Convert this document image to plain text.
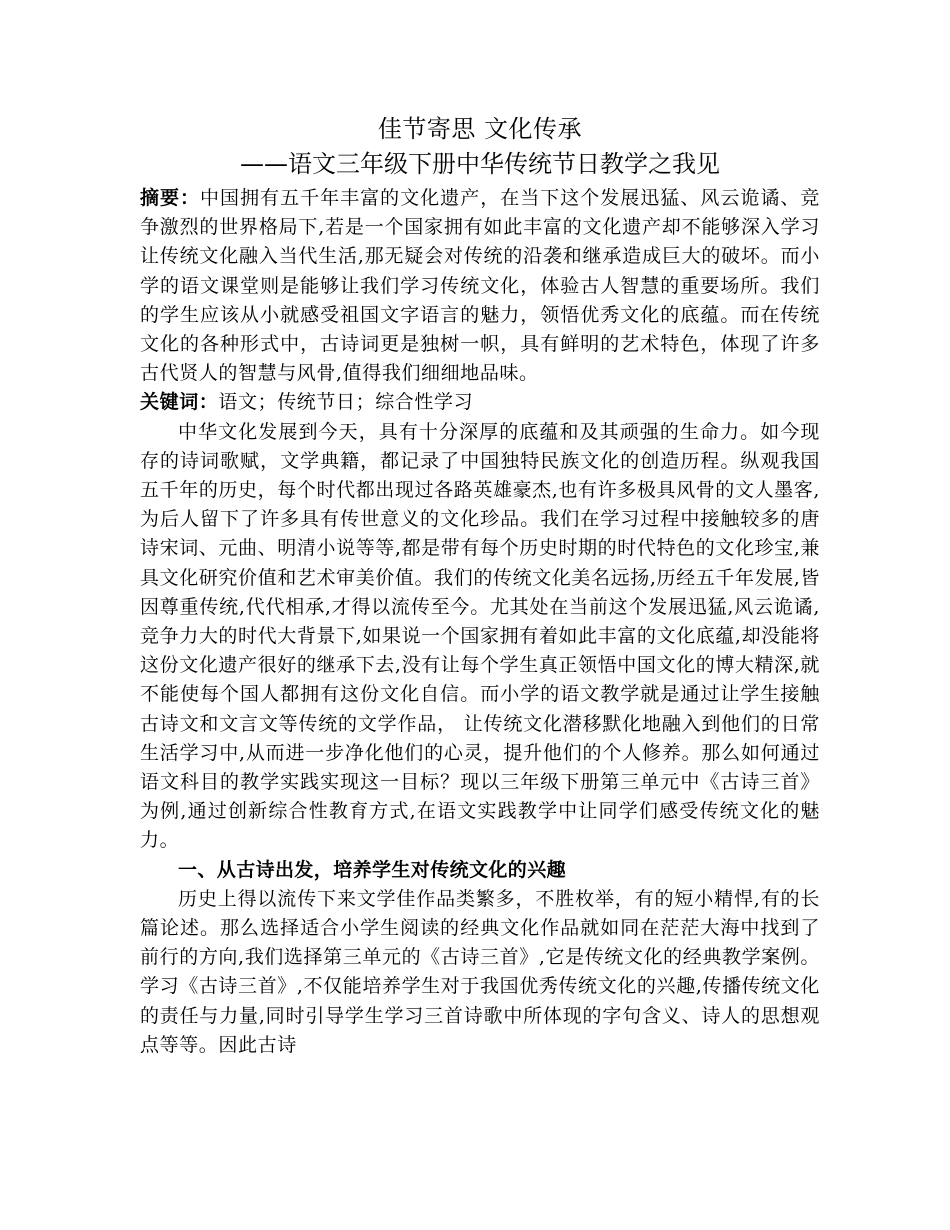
佳节寄思 文化传承
——语文三年级下册中华传统节日教学之我见

摘要：中国拥有五千年丰富的文化遗产，在当下这个发展迅猛、风云诡谲、竞争激烈的世界格局下,若是一个国家拥有如此丰富的文化遗产却不能够深入学习让传统文化融入当代生活,那无疑会对传统的沿袭和继承造成巨大的破坏。而小学的语文课堂则是能够让我们学习传统文化，体验古人智慧的重要场所。我们的学生应该从小就感受祖国文字语言的魅力，领悟优秀文化的底蕴。而在传统文化的各种形式中，古诗词更是独树一帜，具有鲜明的艺术特色，体现了许多古代贤人的智慧与风骨,值得我们细细地品味。

关键词：语文；传统节日；综合性学习

中华文化发展到今天，具有十分深厚的底蕴和及其顽强的生命力。如今现存的诗词歌赋，文学典籍，都记录了中国独特民族文化的创造历程。纵观我国五千年的历史，每个时代都出现过各路英雄豪杰,也有许多极具风骨的文人墨客,为后人留下了许多具有传世意义的文化珍品。我们在学习过程中接触较多的唐诗宋词、元曲、明清小说等等,都是带有每个历史时期的时代特色的文化珍宝,兼具文化研究价值和艺术审美价值。我们的传统文化美名远扬,历经五千年发展,皆因尊重传统,代代相承,才得以流传至今。尤其处在当前这个发展迅猛,风云诡谲,竞争力大的时代大背景下,如果说一个国家拥有着如此丰富的文化底蕴,却没能将这份文化遗产很好的继承下去,没有让每个学生真正领悟中国文化的博大精深,就不能使每个国人都拥有这份文化自信。而小学的语文教学就是通过让学生接触古诗文和文言文等传统的文学作品， 让传统文化潜移默化地融入到他们的日常生活学习中,从而进一步净化他们的心灵，提升他们的个人修养。那么如何通过语文科目的教学实践实现这一目标？现以三年级下册第三单元中《古诗三首》为例,通过创新综合性教育方式,在语文实践教学中让同学们感受传统文化的魅力。

一、从古诗出发，培养学生对传统文化的兴趣

历史上得以流传下来文学佳作品类繁多，不胜枚举，有的短小精悍,有的长篇论述。那么选择适合小学生阅读的经典文化作品就如同在茫茫大海中找到了前行的方向,我们选择第三单元的《古诗三首》,它是传统文化的经典教学案例。学习《古诗三首》,不仅能培养学生对于我国优秀传统文化的兴趣,传播传统文化的责任与力量,同时引导学生学习三首诗歌中所体现的字句含义、诗人的思想观点等等。因此古诗
